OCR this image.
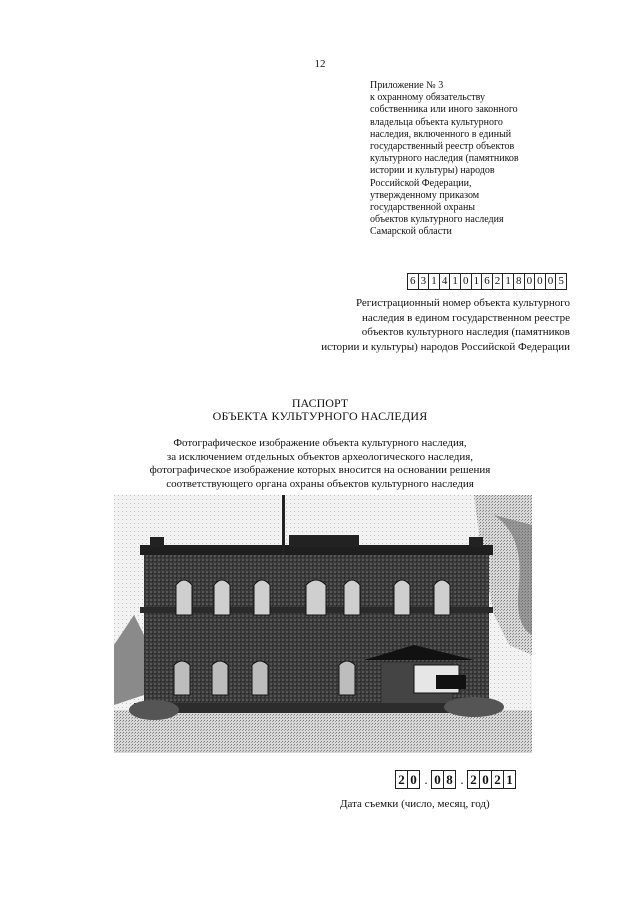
12
Приложение № 3
к охранному обязательству
собственника или иного законного
владельца объекта культурного
наследия, включенного в единый
государственный реестр объектов
культурного наследия (памятников
истории и культуры) народов
Российской Федерации,
утвержденному приказом
государственной охраны
объектов культурного наследия
Самарской области
6 3 1 4 1 0 1 6 2 1 8 0 0 0 5
Регистрационный номер объекта культурного
наследия в едином государственном реестре
объектов культурного наследия (памятников
истории и культуры) народов Российской Федерации
ПАСПОРТ
ОБЪЕКТА КУЛЬТУРНОГО НАСЛЕДИЯ
Фотографическое изображение объекта культурного наследия,
за исключением отдельных объектов археологического наследия,
фотографическое изображение которых вносится на основании решения
соответствующего органа охраны объектов культурного наследия
2 0 . 0 8 . 2 0 2 1
Дата съемки (число, месяц, год)
